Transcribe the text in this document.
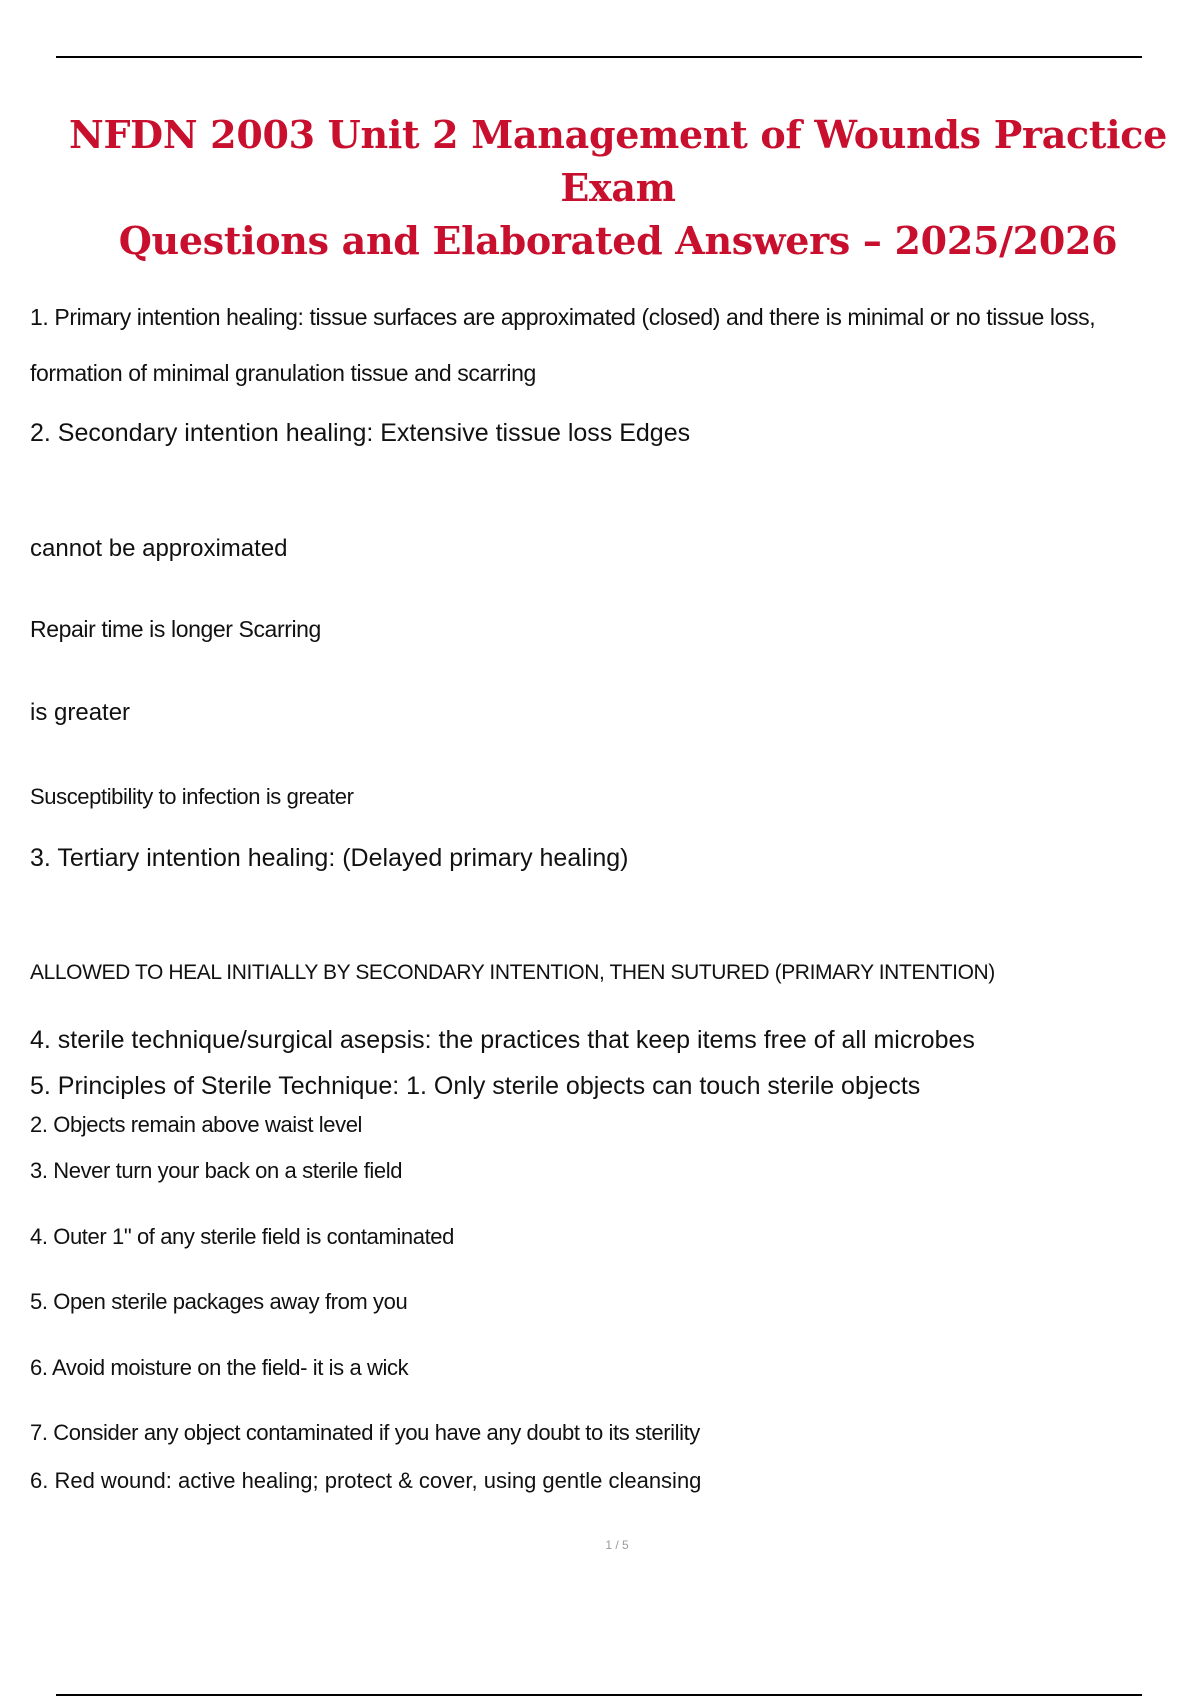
NFDN 2003 Unit 2 Management of Wounds Practice Exam
Questions and Elaborated Answers – 2025/2026

1. Primary intention healing: tissue surfaces are approximated (closed) and there is minimal or no tissue loss,

formation of minimal granulation tissue and scarring

2. Secondary intention healing: Extensive tissue loss Edges

cannot be approximated

Repair time is longer Scarring

is greater

Susceptibility to infection is greater

3. Tertiary intention healing: (Delayed primary healing)

ALLOWED TO HEAL INITIALLY BY SECONDARY INTENTION, THEN SUTURED (PRIMARY INTENTION)

4. sterile technique/surgical asepsis: the practices that keep items free of all microbes

5. Principles of Sterile Technique: 1. Only sterile objects can touch sterile objects

2. Objects remain above waist level

3. Never turn your back on a sterile field

4. Outer 1" of any sterile field is contaminated

5. Open sterile packages away from you

6. Avoid moisture on the field- it is a wick

7. Consider any object contaminated if you have any doubt to its sterility

6. Red wound: active healing; protect & cover, using gentle cleansing

1 / 5
